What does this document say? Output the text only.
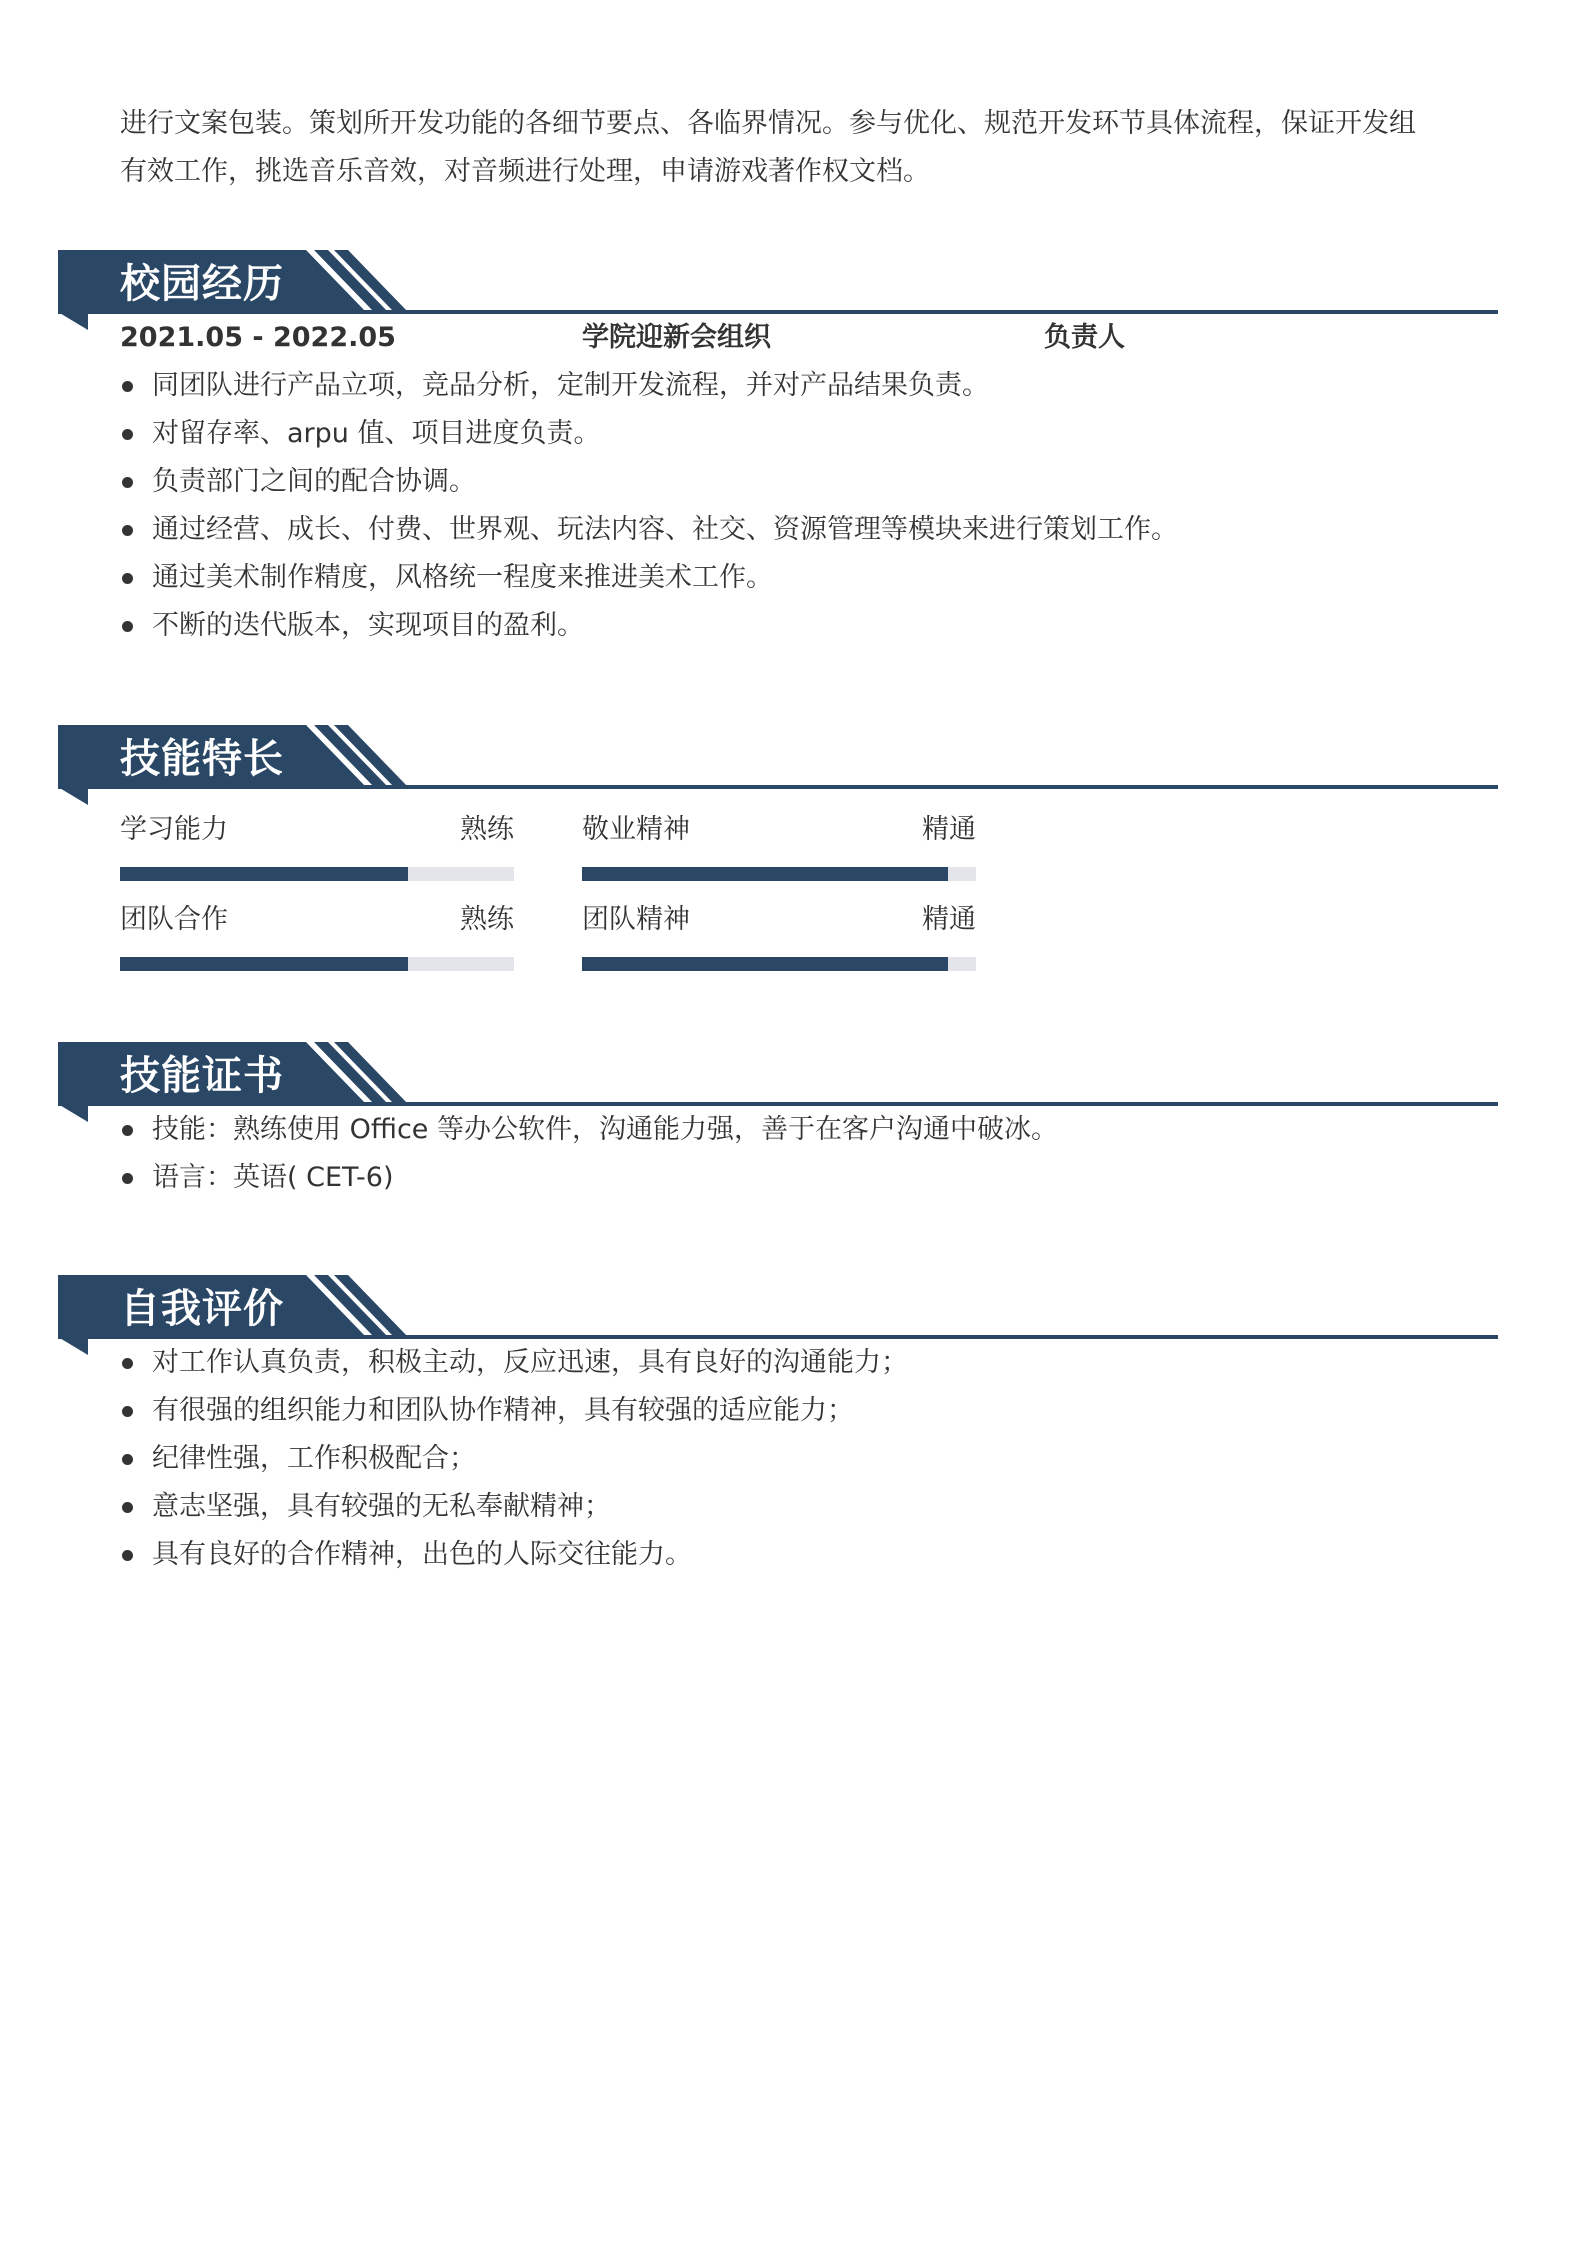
进行文案包装。策划所开发功能的各细节要点、各临界情况。参与优化、规范开发环节具体流程，保证开发组

有效工作，挑选音乐音效，对音频进行处理，申请游戏著作权文档。

校园经历
2021.05 - 2022.05	学院迎新会组织	负责人
同团队进行产品立项，竞品分析，定制开发流程，并对产品结果负责。
对留存率、arpu 值、项目进度负责。
负责部门之间的配合协调。
通过经营、成长、付费、世界观、玩法内容、社交、资源管理等模块来进行策划工作。
通过美术制作精度，风格统一程度来推进美术工作。
不断的迭代版本，实现项目的盈利。
技能特长
学习能力	熟练	敬业精神	精通
团队合作	熟练	团队精神	精通
技能证书
技能：熟练使用 Office 等办公软件，沟通能力强，善于在客户沟通中破冰。
语言：英语( CET-6)
自我评价
对工作认真负责，积极主动，反应迅速，具有良好的沟通能力；
有很强的组织能力和团队协作精神，具有较强的适应能力；
纪律性强，工作积极配合；
意志坚强，具有较强的无私奉献精神；
具有良好的合作精神，出色的人际交往能力。
